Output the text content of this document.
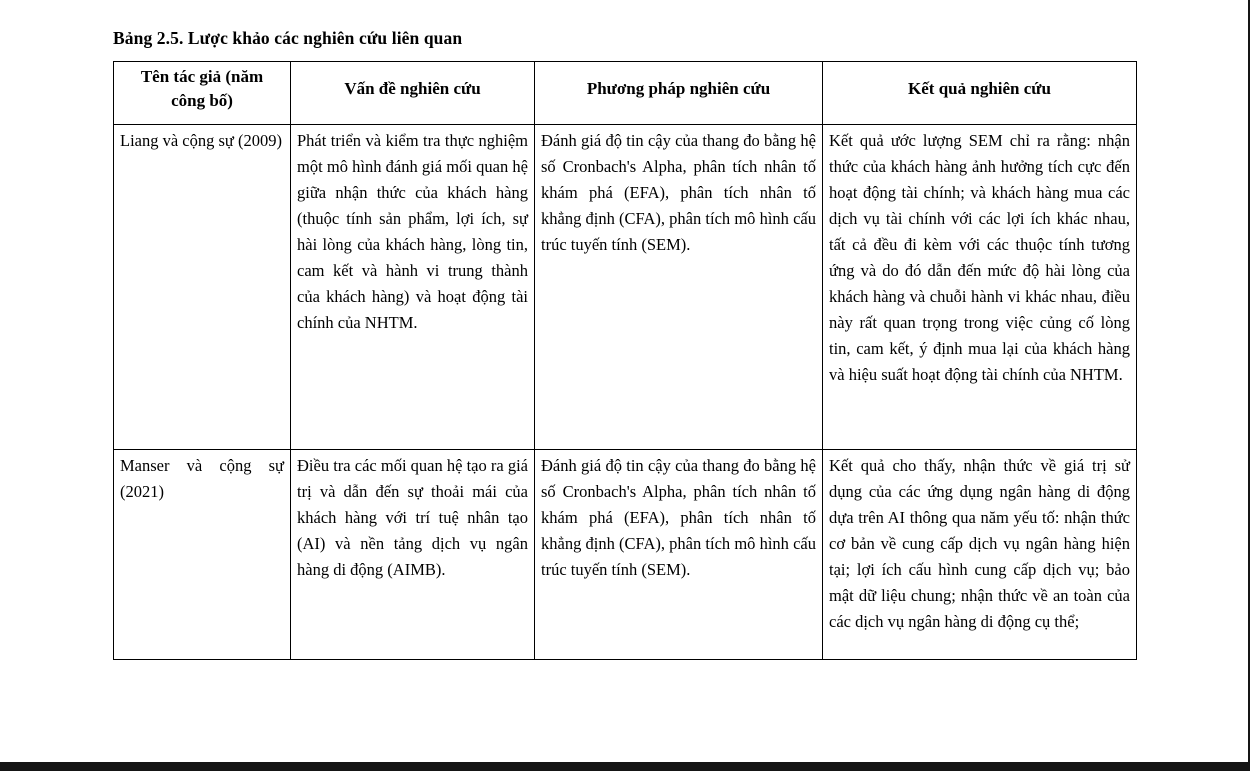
Bảng 2.5. Lược khảo các nghiên cứu liên quan
Tên tác giả (năm công bố)	Vấn đề nghiên cứu	Phương pháp nghiên cứu	Kết quả nghiên cứu
Liang và cộng sự (2009)	Phát triển và kiểm tra thực nghiệm một mô hình đánh giá mối quan hệ giữa nhận thức của khách hàng (thuộc tính sản phẩm, lợi ích, sự hài lòng của khách hàng, lòng tin, cam kết và hành vi trung thành của khách hàng) và hoạt động tài chính của NHTM.	Đánh giá độ tin cậy của thang đo bằng hệ số Cronbach's Alpha, phân tích nhân tố khám phá (EFA), phân tích nhân tố khẳng định (CFA), phân tích mô hình cấu trúc tuyến tính (SEM).	Kết quả ước lượng SEM chỉ ra rằng: nhận thức của khách hàng ảnh hưởng tích cực đến hoạt động tài chính; và khách hàng mua các dịch vụ tài chính với các lợi ích khác nhau, tất cả đều đi kèm với các thuộc tính tương ứng và do đó dẫn đến mức độ hài lòng của khách hàng và chuỗi hành vi khác nhau, điều này rất quan trọng trong việc củng cố lòng tin, cam kết, ý định mua lại của khách hàng và hiệu suất hoạt động tài chính của NHTM.
Manser và cộng sự (2021)	Điều tra các mối quan hệ tạo ra giá trị và dẫn đến sự thoải mái của khách hàng với trí tuệ nhân tạo (AI) và nền tảng dịch vụ ngân hàng di động (AIMB).	Đánh giá độ tin cậy của thang đo bằng hệ số Cronbach's Alpha, phân tích nhân tố khám phá (EFA), phân tích nhân tố khẳng định (CFA), phân tích mô hình cấu trúc tuyến tính (SEM).	Kết quả cho thấy, nhận thức về giá trị sử dụng của các ứng dụng ngân hàng di động dựa trên AI thông qua năm yếu tố: nhận thức cơ bản về cung cấp dịch vụ ngân hàng hiện tại; lợi ích cấu hình cung cấp dịch vụ; bảo mật dữ liệu chung; nhận thức về an toàn của các dịch vụ ngân hàng di động cụ thể;
